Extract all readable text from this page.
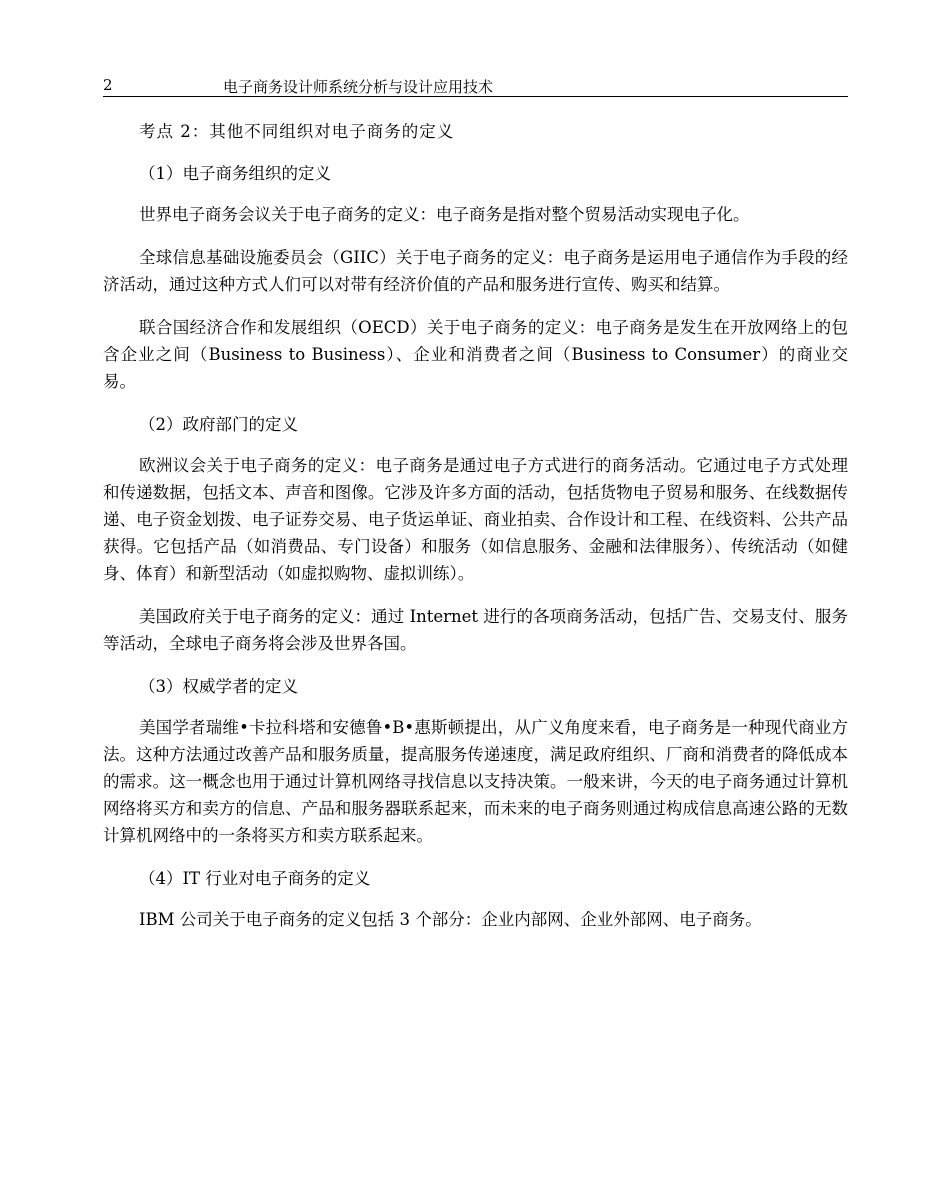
2	电子商务设计师系统分析与设计应用技术
考点 2：其他不同组织对电子商务的定义
（1）电子商务组织的定义

世界电子商务会议关于电子商务的定义：电子商务是指对整个贸易活动实现电子化。

全球信息基础设施委员会（GIIC）关于电子商务的定义：电子商务是运用电子通信作为手段的经济活动，通过这种方式人们可以对带有经济价值的产品和服务进行宣传、购买和结算。

联合国经济合作和发展组织（OECD）关于电子商务的定义：电子商务是发生在开放网络上的包含企业之间（Business to Business）、企业和消费者之间（Business to Consumer）的商业交易。

（2）政府部门的定义

欧洲议会关于电子商务的定义：电子商务是通过电子方式进行的商务活动。它通过电子方式处理和传递数据，包括文本、声音和图像。它涉及许多方面的活动，包括货物电子贸易和服务、在线数据传递、电子资金划拨、电子证券交易、电子货运单证、商业拍卖、合作设计和工程、在线资料、公共产品获得。它包括产品（如消费品、专门设备）和服务（如信息服务、金融和法律服务）、传统活动（如健身、体育）和新型活动（如虚拟购物、虚拟训练）。

美国政府关于电子商务的定义：通过 Internet 进行的各项商务活动，包括广告、交易支付、服务等活动，全球电子商务将会涉及世界各国。

（3）权威学者的定义

美国学者瑞维•卡拉科塔和安德鲁•B•惠斯顿提出，从广义角度来看，电子商务是一种现代商业方法。这种方法通过改善产品和服务质量，提高服务传递速度，满足政府组织、厂商和消费者的降低成本的需求。这一概念也用于通过计算机网络寻找信息以支持决策。一般来讲，今天的电子商务通过计算机网络将买方和卖方的信息、产品和服务器联系起来，而未来的电子商务则通过构成信息高速公路的无数计算机网络中的一条将买方和卖方联系起来。

（4）IT 行业对电子商务的定义

IBM 公司关于电子商务的定义包括 3 个部分：企业内部网、企业外部网、电子商务。
